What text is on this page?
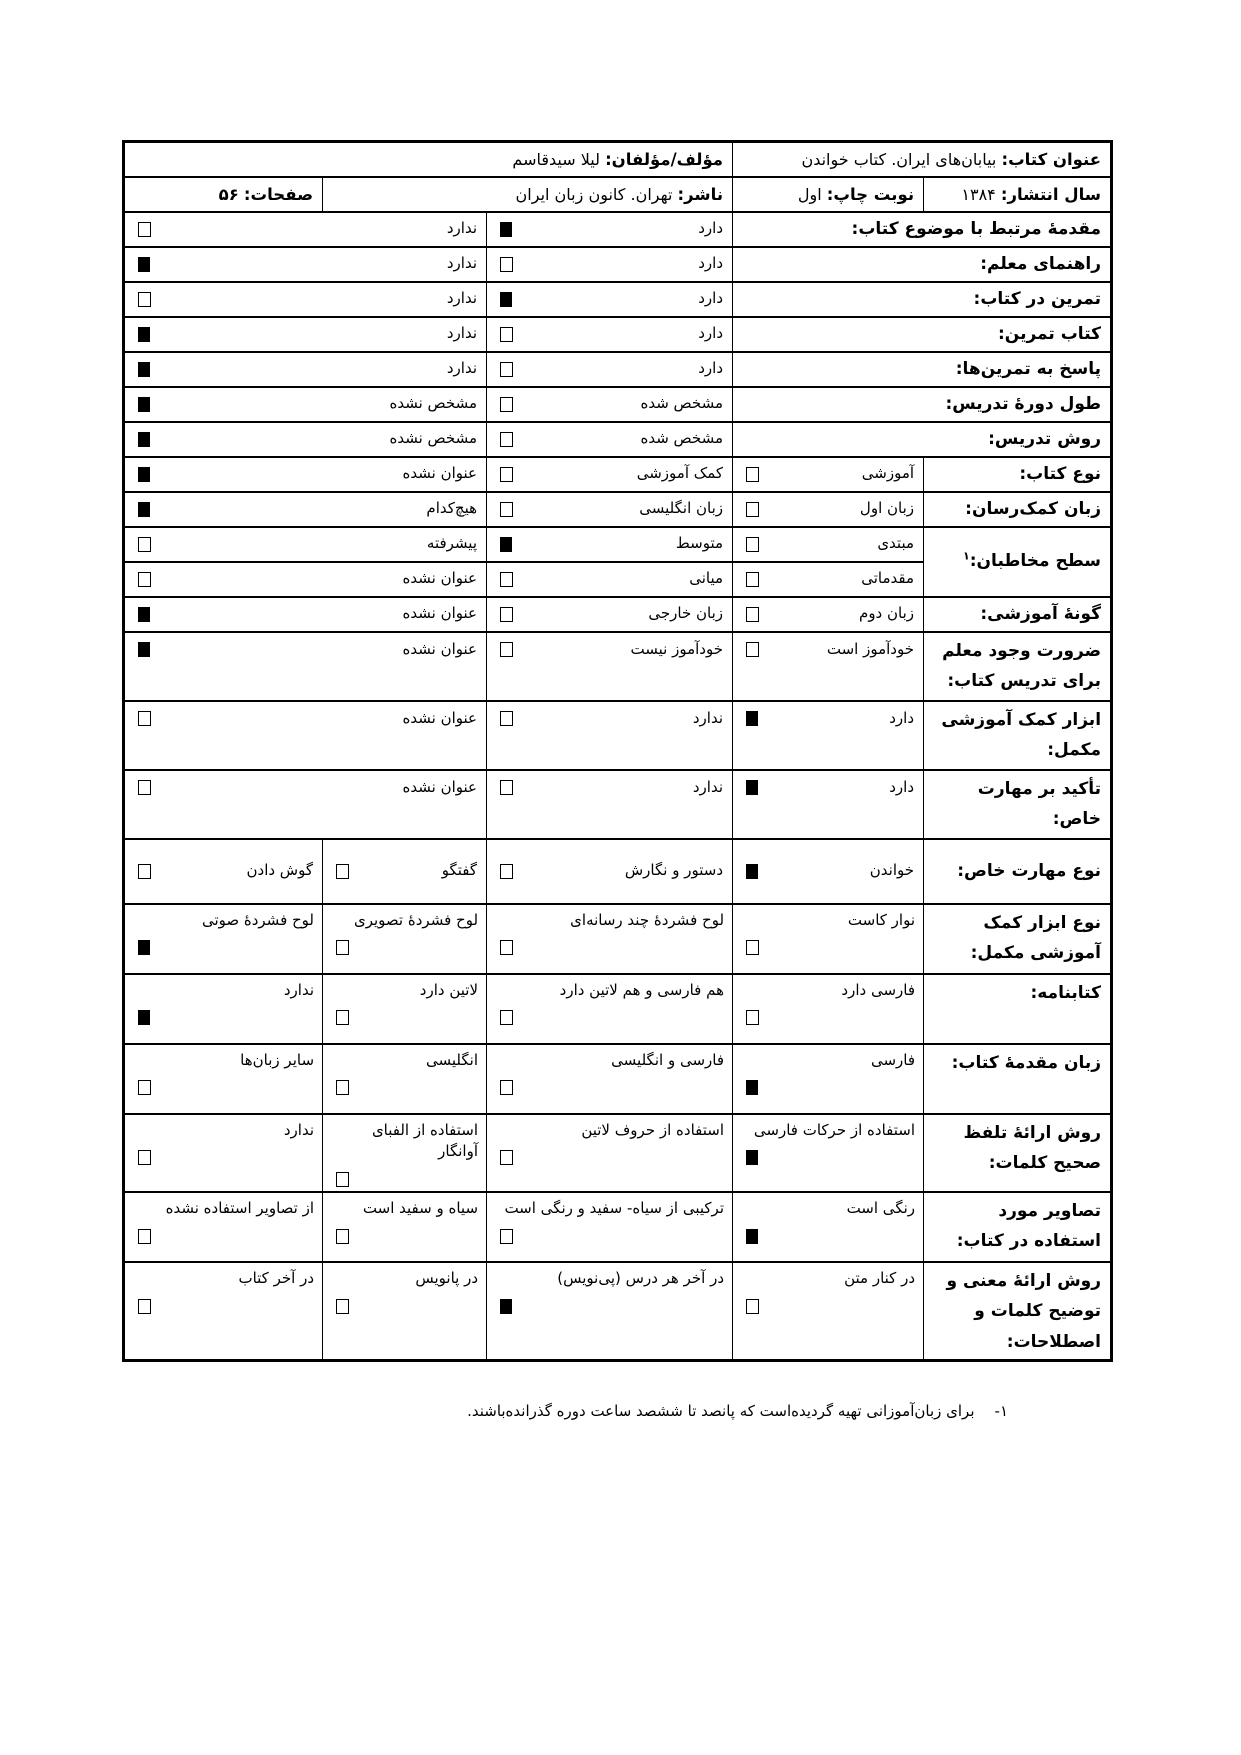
عنوان کتاب: بیابان‌های ایران. کتاب خواندن		مؤلف/مؤلفان: لیلا سیدقاسم		
سال انتشار: ۱۳۸۴	نوبت چاپ: اول	ناشر: تهران. کانون زبان ایران		صفحات: ۵۶
مقدمهٔ مرتبط با موضوع کتاب:		دارد	ندارد	

راهنمای معلم:		دارد	ندارد	

تمرین در کتاب:		دارد	ندارد	

کتاب تمرین:		دارد	ندارد	

پاسخ به تمرین‌ها:		دارد	ندارد	

طول دورهٔ تدریس:		مشخص شده	مشخص نشده	

روش تدریس:		مشخص شده	مشخص نشده	

نوع کتاب:	آموزشی	کمک آموزشی	عنوان نشده	

زبان کمک‌رسان:	زبان اول	زبان انگلیسی	هیچ‌کدام	

سطح مخاطبان:$^۱$	مبتدی	متوسط	پیشرفته	

	مقدماتی	میانی	عنوان نشده	

گونهٔ آموزشی:	زبان دوم	زبان خارجی	عنوان نشده	

ضرورت وجود معلم برای تدریس کتاب:	خودآموز است	خودآموز نیست	عنوان نشده	

ابزار کمک آموزشی مکمل:	دارد	ندارد	عنوان نشده	

تأکید بر مهارت خاص:	دارد	ندارد	عنوان نشده	

نوع مهارت خاص:	خواندن	دستور و نگارش	گفتگو	گوش دادن

نوع ابزار کمک آموزشی مکمل:	نوار کاست	لوح فشردهٔ چند رسانه‌ای	لوح فشردهٔ تصویری	لوح فشردهٔ صوتی

کتابنامه:	فارسی دارد	هم فارسی و هم لاتین دارد	لاتین دارد	ندارد

زبان مقدمهٔ کتاب:	فارسی	فارسی و انگلیسی	انگلیسی	سایر زبان‌ها

روش ارائهٔ تلفظ صحیح کلمات:	استفاده از حرکات فارسی	استفاده از حروف لاتین	استفاده از الفبای آوانگار	ندارد

تصاویر مورد استفاده در کتاب:	رنگی است	ترکیبی از سیاه- سفید و رنگی است	سیاه و سفید است	از تصاویر استفاده نشده

روش ارائهٔ معنی و توضیح کلمات و اصطلاحات:	در کنار متن	در آخر هر درس (پی‌نویس)	در پانویس	در آخر کتاب
۱-برای زبان‌آموزانی تهیه گردیده‌است که پانصد تا ششصد ساعت دوره گذرانده‌باشند.
